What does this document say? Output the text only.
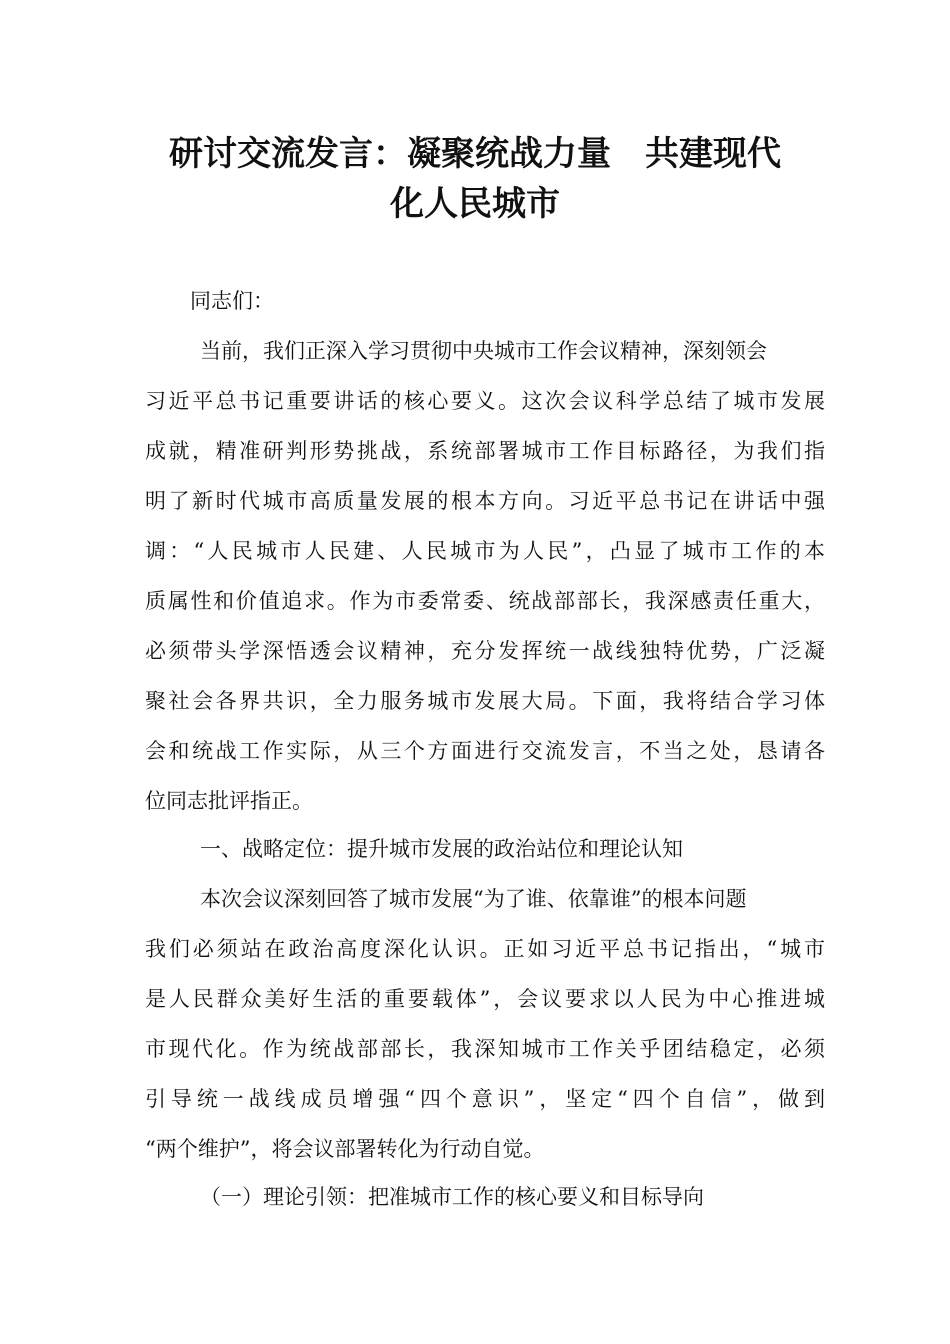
研讨交流发言：凝聚统战力量　共建现代
化人民城市

同志们：

当前，我们正深入学习贯彻中央城市工作会议精神，深刻领会

习近平总书记重要讲话的核心要义。这次会议科学总结了城市发展

成就，精准研判形势挑战，系统部署城市工作目标路径，为我们指

明了新时代城市高质量发展的根本方向。习近平总书记在讲话中强

调：“人民城市人民建、人民城市为人民”，凸显了城市工作的本

质属性和价值追求。作为市委常委、统战部部长，我深感责任重大，

必须带头学深悟透会议精神，充分发挥统一战线独特优势，广泛凝

聚社会各界共识，全力服务城市发展大局。下面，我将结合学习体

会和统战工作实际，从三个方面进行交流发言，不当之处，恳请各

位同志批评指正。

一、战略定位：提升城市发展的政治站位和理论认知

本次会议深刻回答了城市发展“为了谁、依靠谁”的根本问题

我们必须站在政治高度深化认识。正如习近平总书记指出，“城市

是人民群众美好生活的重要载体”，会议要求以人民为中心推进城

市现代化。作为统战部部长，我深知城市工作关乎团结稳定，必须

引导统一战线成员增强“四个意识”，坚定“四个自信”，做到

“两个维护”，将会议部署转化为行动自觉。

（一）理论引领：把准城市工作的核心要义和目标导向
